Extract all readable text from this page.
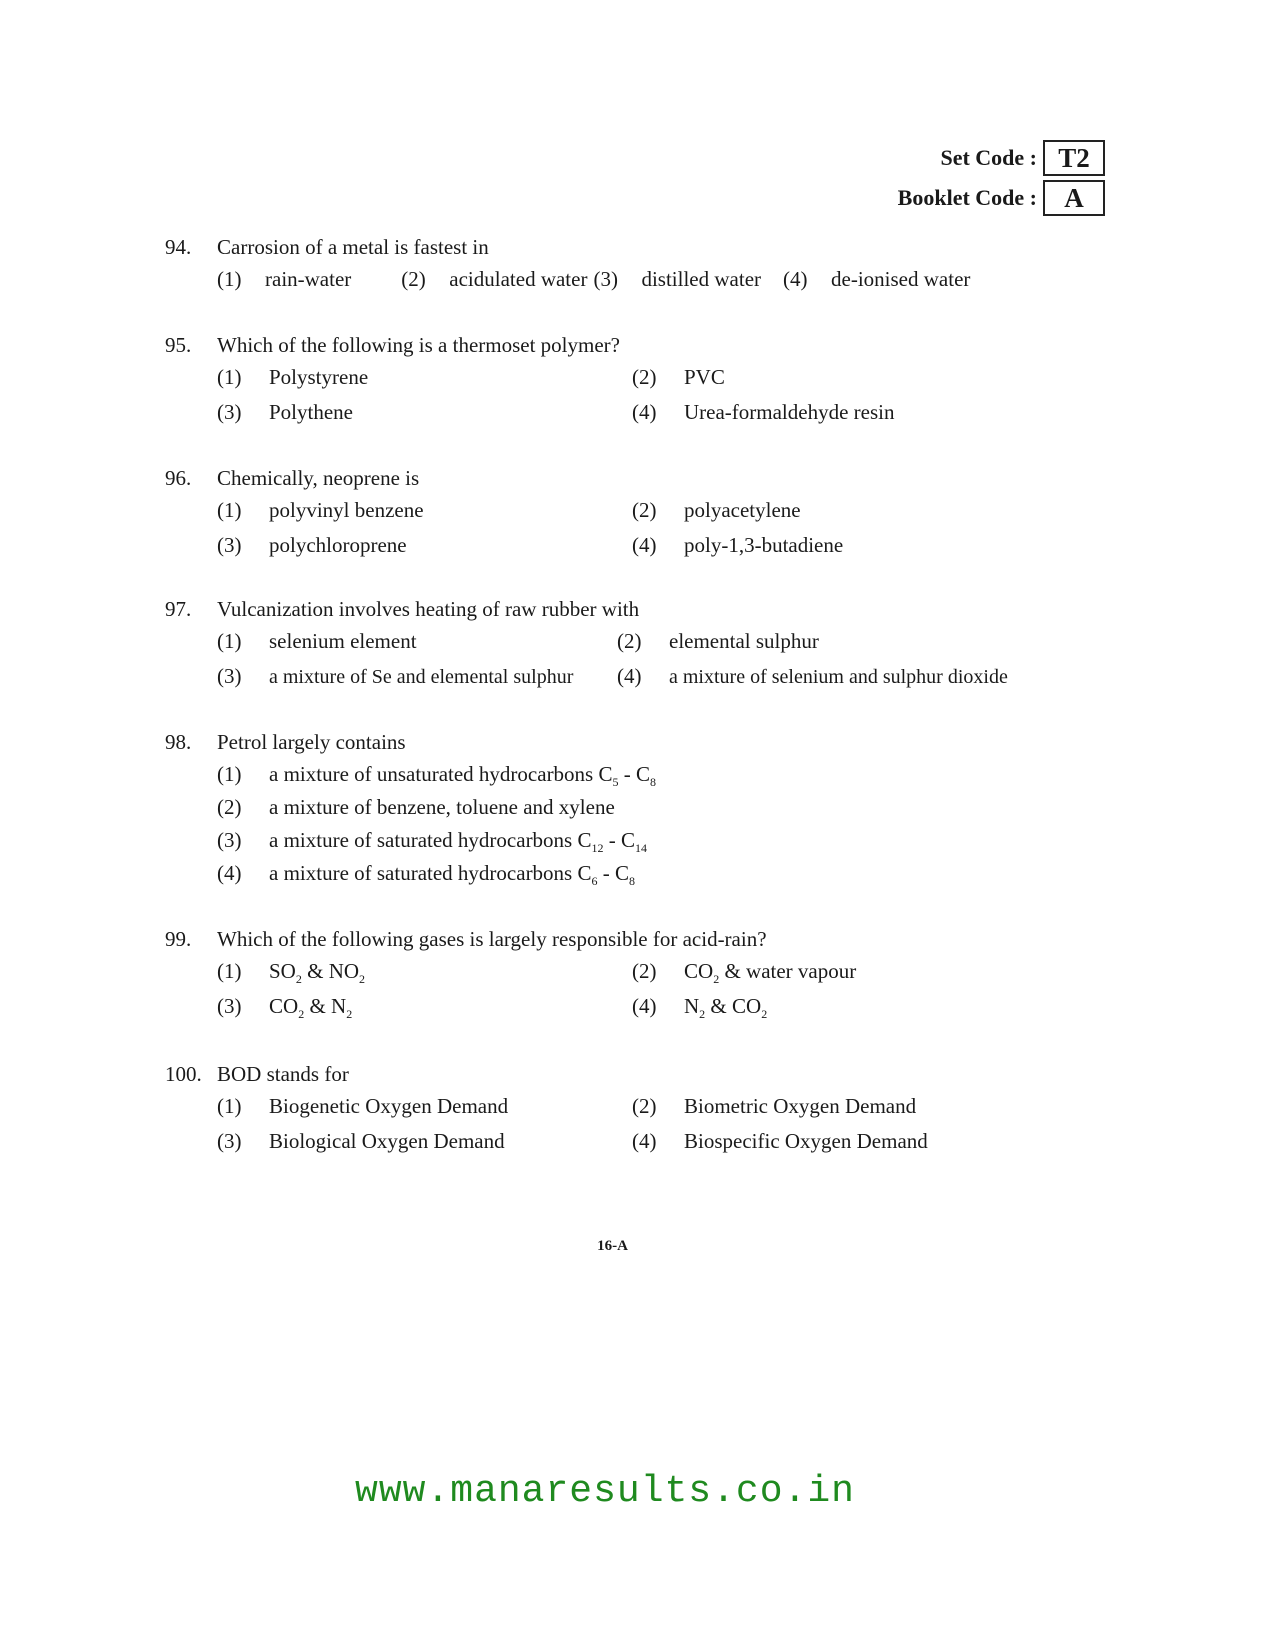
Set Code : T2
Booklet Code :	A
94.	Carrosion of a metal is fastest in
(1)	rain-water (2)	acidulated water (3)	distilled water (4)	de-ionised water
95.	Which of the following is a thermoset polymer?
(1)	Polystyrene	(2)	PVC
(3)	Polythene	(4)	Urea-formaldehyde resin
96.	Chemically, neoprene is
(1)	polyvinyl benzene	(2)	polyacetylene
(3)	polychloroprene	(4)	poly-1,3-butadiene
97.	Vulcanization involves heating of raw rubber with
(1)	selenium element	(2)	elemental sulphur
(3)	a mixture of Se and elemental sulphur (4)	a mixture of selenium and sulphur dioxide
98.	Petrol largely contains
(1)	a mixture of unsaturated hydrocarbons $C_5 - C_8$
(2)	a mixture of benzene, toluene and xylene
(3)	a mixture of saturated hydrocarbons $C_{12} - C_{14}$
(4)	a mixture of saturated hydrocarbons $C_6 - C_8$
99.	Which of the following gases is largely responsible for acid-rain?
(1)	$SO_2$ & $NO_2$	(2)	$CO_2$ & water vapour
(3)	$CO_2$ & $N_2$	(4)	$N_2$ & $CO_2$
100. BOD stands for
(1)	Biogenetic Oxygen Demand	(2)	Biometric Oxygen Demand
(3)	Biological Oxygen Demand	(4)	Biospecific Oxygen Demand
16-A
www.manaresults.co.in
